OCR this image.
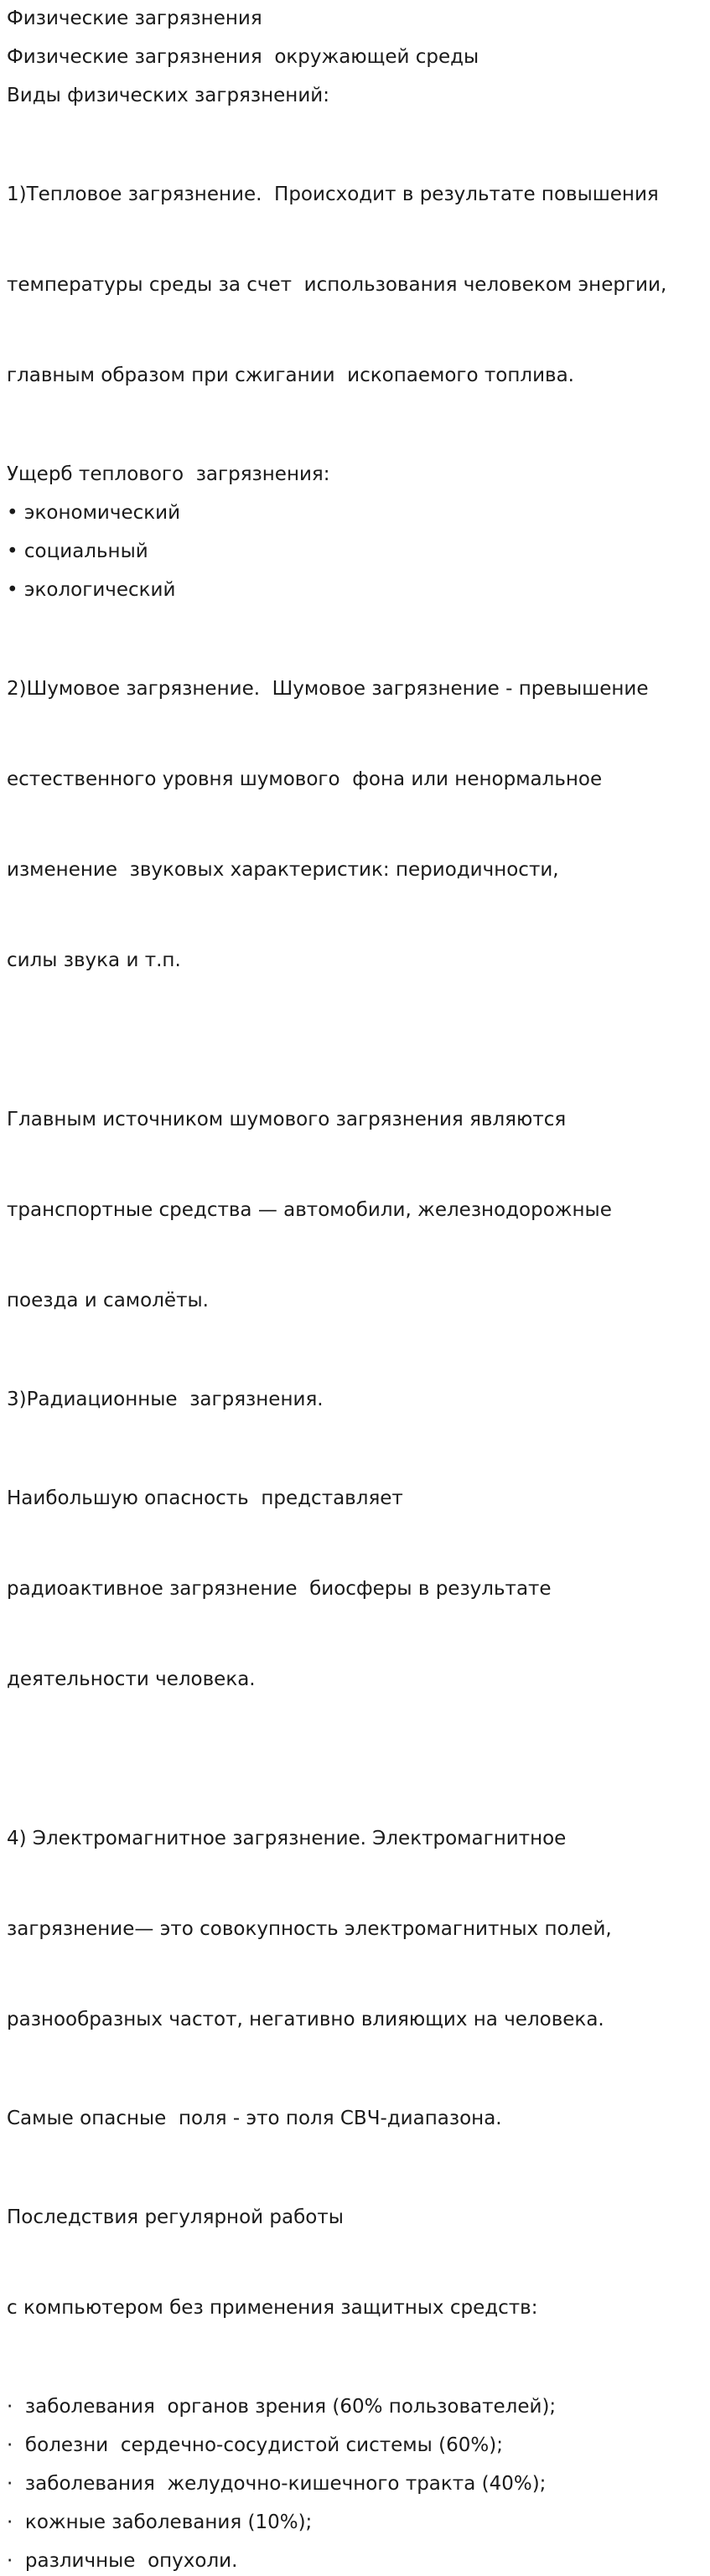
Физические загрязнения

Физические загрязнения  окружающей среды

Виды физических загрязнений:

1)Тепловое загрязнение.  Происходит в результате повышения

температуры среды за счет  использования человеком энергии,

главным образом при сжигании  ископаемого топлива.

Ущерб теплового  загрязнения:

• экономический

• социальный

• экологический

2)Шумовое загрязнение.  Шумовое загрязнение - превышение

естественного уровня шумового  фона или ненормальное

изменение  звуковых характеристик: периодичности,

силы звука и т.п.

Главным источником шумового загрязнения являются

транспортные средства — автомобили, железнодорожные

поезда и самолёты.

3)Радиационные  загрязнения.

Наибольшую опасность  представляет

радиоактивное загрязнение  биосферы в результате

деятельности человека.

4) Электромагнитное загрязнение. Электромагнитное

загрязнение— это совокупность электромагнитных полей,

разнообразных частот, негативно влияющих на человека.

Самые опасные  поля - это поля СВЧ-диапазона.

Последствия регулярной работы

с компьютером без применения защитных средств:

·  заболевания  органов зрения (60% пользователей);

·  болезни  сердечно-сосудистой системы (60%);

·  заболевания  желудочно-кишечного тракта (40%);

·  кожные заболевания (10%);

·  различные  опухоли.
